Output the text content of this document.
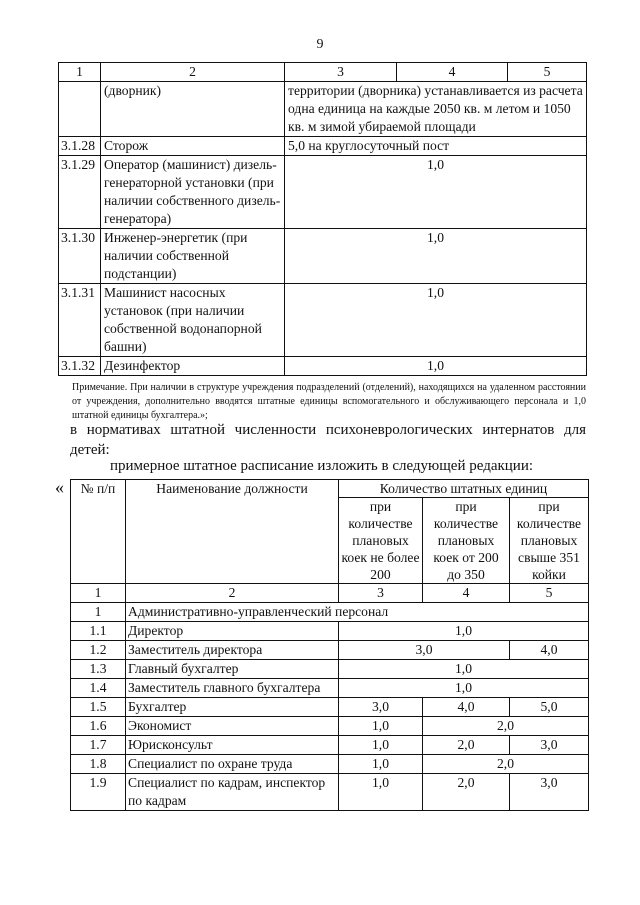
9
1	2	3	4	5
	(дворник)	территории (дворника) устанавливается из расчета одна единица на каждые 2050 кв. м летом и 1050 кв. м зимой убираемой площади		
3.1.28	Сторож	5,0 на круглосуточный пост		
3.1.29	Оператор (машинист) дизель-генераторной установки (при наличии собственного дизель-генератора)	1,0		
3.1.30	Инженер-энергетик (при наличии собственной подстанции)	1,0		
3.1.31	Машинист насосных установок (при наличии собственной водонапорной башни)	1,0		
3.1.32	Дезинфектор	1,0		
Примечание. При наличии в структуре учреждения подразделений (отделений), находящихся на удаленном расстоянии от учреждения, дополнительно вводятся штатные единицы вспомогательного и обслуживающего персонала и 1,0 штатной единицы бухгалтера.»;
в нормативах штатной численности психоневрологических интернатов для детей:
примерное штатное расписание изложить в следующей редакции:
« № п/п	Наименование должности	Количество штатных единиц		
		при количестве плановых коек не более 200	при количестве плановых коек от 200 до 350	при количестве плановых свыше 351 койки
1	2	3	4	5
1	Административно-управленческий персонал			
1.1	Директор	1,0		
1.2	Заместитель директора	3,0		4,0
1.3	Главный бухгалтер	1,0		
1.4	Заместитель главного бухгалтера	1,0		
1.5	Бухгалтер	3,0	4,0	5,0
1.6	Экономист	1,0	2,0	
1.7	Юрисконсульт	1,0	2,0	3,0
1.8	Специалист по охране труда	1,0	2,0	
1.9	Специалист по кадрам, инспектор по кадрам	1,0	2,0	3,0
